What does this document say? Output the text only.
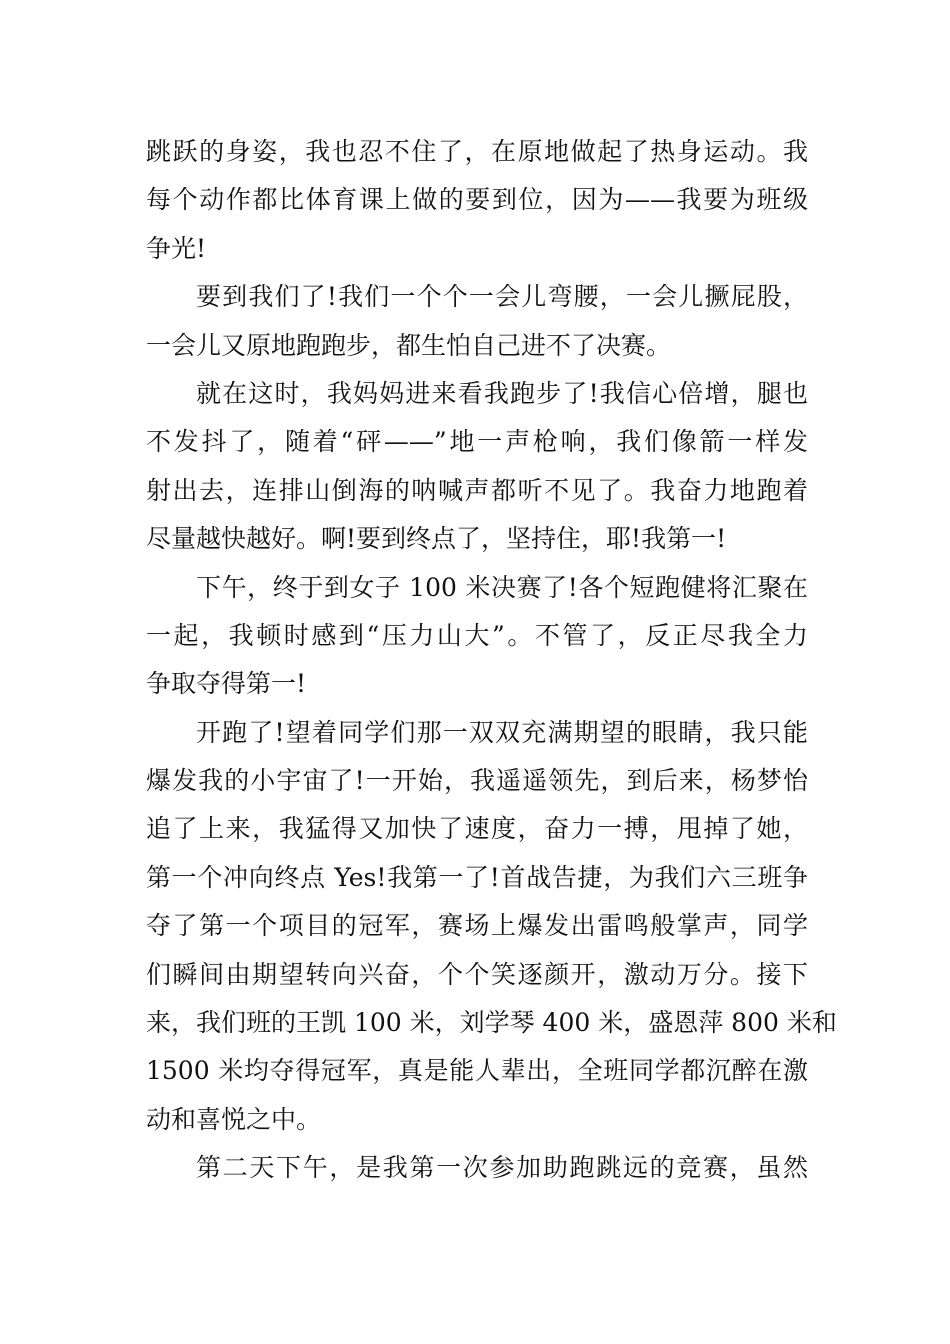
跳跃的身姿，我也忍不住了，在原地做起了热身运动。我
每个动作都比体育课上做的要到位，因为——我要为班级
争光!
要到我们了!我们一个个一会儿弯腰，一会儿撅屁股，
一会儿又原地跑跑步，都生怕自己进不了决赛。
就在这时，我妈妈进来看我跑步了!我信心倍增，腿也
不发抖了，随着“砰——”地一声枪响，我们像箭一样发
射出去，连排山倒海的呐喊声都听不见了。我奋力地跑着
尽量越快越好。啊!要到终点了，坚持住，耶!我第一!
下午，终于到女子 100 米决赛了!各个短跑健将汇聚在
一起，我顿时感到“压力山大”。不管了，反正尽我全力
争取夺得第一!
开跑了!望着同学们那一双双充满期望的眼睛，我只能
爆发我的小宇宙了!一开始，我遥遥领先，到后来，杨梦怡
追了上来，我猛得又加快了速度，奋力一搏，甩掉了她，
第一个冲向终点 Yes!我第一了!首战告捷，为我们六三班争
夺了第一个项目的冠军，赛场上爆发出雷鸣般掌声，同学
们瞬间由期望转向兴奋，个个笑逐颜开，激动万分。接下
来，我们班的王凯 100 米，刘学琴 400 米，盛恩萍 800 米和
1500 米均夺得冠军，真是能人辈出，全班同学都沉醉在激
动和喜悦之中。
第二天下午，是我第一次参加助跑跳远的竞赛，虽然
